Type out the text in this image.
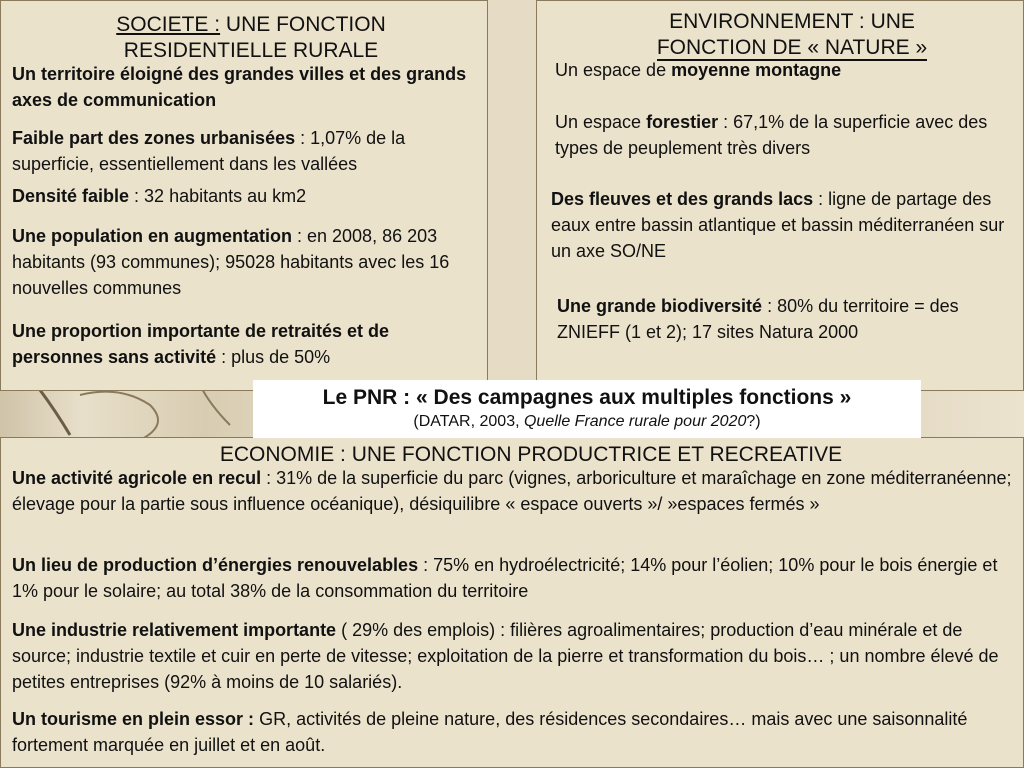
SOCIETE : UNE FONCTION RESIDENTIELLE RURALE

Un territoire éloigné des grandes villes et des grands axes de communication

Faible part des zones urbanisées : 1,07% de la superficie, essentiellement dans les vallées

Densité faible : 32 habitants au km2

Une population en augmentation : en 2008, 86 203 habitants (93 communes); 95028 habitants avec les 16 nouvelles communes

Une proportion importante de retraités et de personnes sans activité : plus de 50%

ENVIRONNEMENT : UNE
FONCTION DE « NATURE »

Un espace de moyenne montagne

Un espace forestier : 67,1% de la superficie avec des types de peuplement très divers

Des fleuves et des grands lacs : ligne de partage des eaux entre bassin atlantique et bassin méditerranéen sur un axe SO/NE

Une grande biodiversité : 80% du territoire = des ZNIEFF (1 et 2); 17 sites Natura 2000

ECONOMIE : UNE FONCTION PRODUCTRICE ET RECREATIVE

Une activité agricole en recul : 31% de la superficie du parc (vignes, arboriculture et maraîchage en zone méditerranéenne; élevage pour la partie sous influence océanique), désiquilibre « espace ouverts »/ »espaces fermés »

Un lieu de production d’énergies renouvelables : 75% en hydroélectricité; 14% pour l’éolien; 10% pour le bois énergie et 1% pour le solaire; au total 38% de la consommation du territoire

Une industrie relativement importante ( 29% des emplois) : filières agroalimentaires; production d’eau minérale et de source; industrie textile et cuir en perte de vitesse; exploitation de la pierre et transformation du bois… ; un nombre élevé de petites entreprises (92% à moins de 10 salariés).

Un tourisme en plein essor : GR, activités de pleine nature, des résidences secondaires… mais avec une saisonnalité fortement marquée en juillet et en août.

Le PNR : « Des campagnes aux multiples fonctions »
(DATAR, 2003, Quelle France rurale pour 2020?)
